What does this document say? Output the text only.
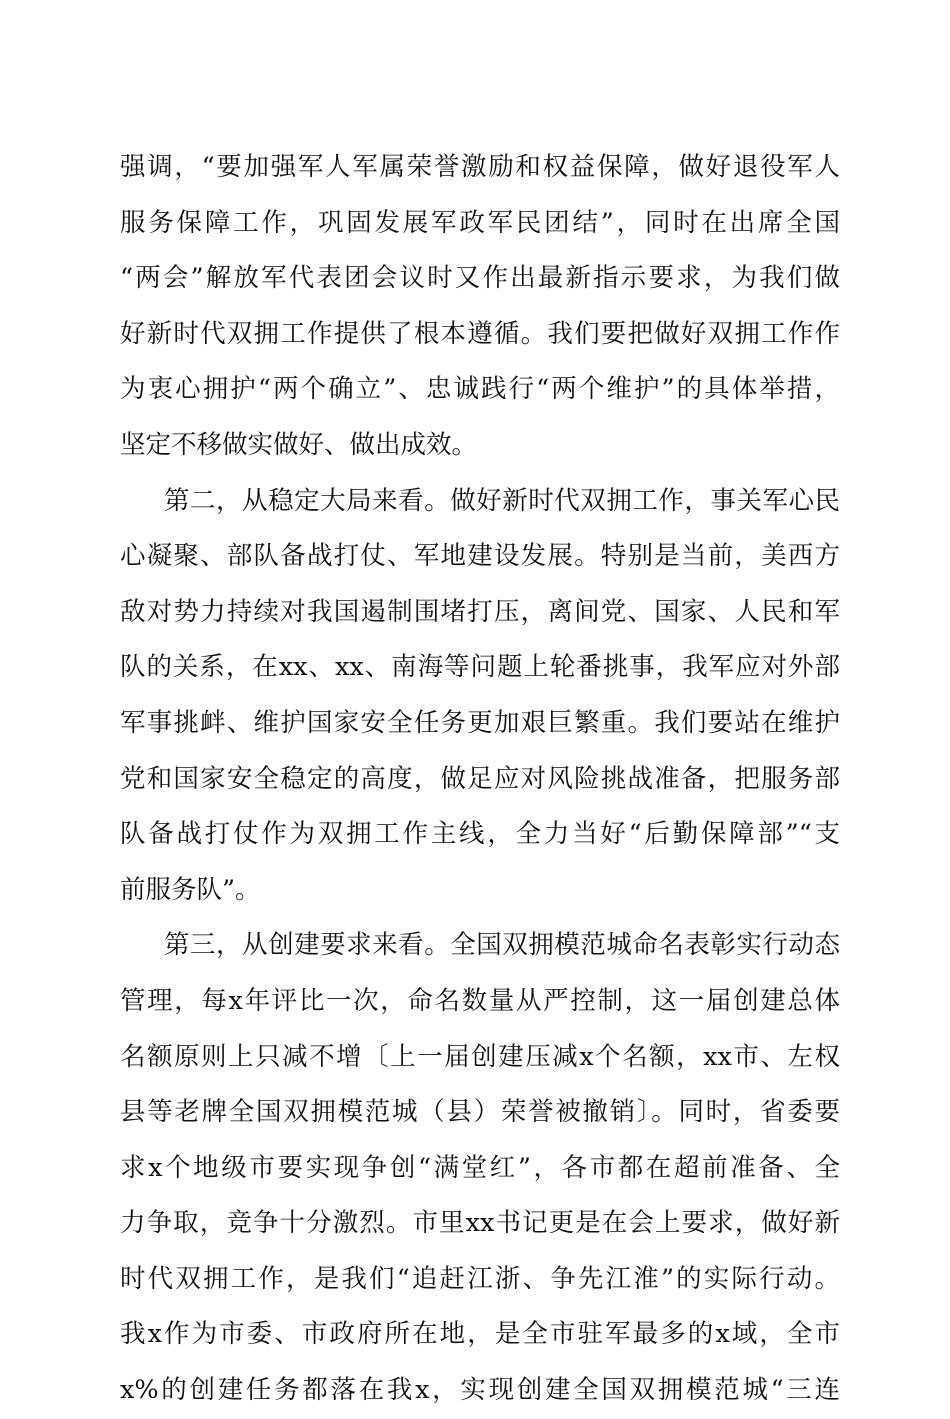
强调，“要加强军人军属荣誉激励和权益保障，做好退役军人
服务保障工作，巩固发展军政军民团结”，同时在出席全国
“两会”解放军代表团会议时又作出最新指示要求，为我们做
好新时代双拥工作提供了根本遵循。我们要把做好双拥工作作
为衷心拥护“两个确立”、忠诚践行“两个维护”的具体举措，
坚定不移做实做好、做出成效。
第二，从稳定大局来看。做好新时代双拥工作，事关军心民
心凝聚、部队备战打仗、军地建设发展。特别是当前，美西方
敌对势力持续对我国遏制围堵打压，离间党、国家、人民和军
队的关系，在xx、xx、南海等问题上轮番挑事，我军应对外部
军事挑衅、维护国家安全任务更加艰巨繁重。我们要站在维护
党和国家安全稳定的高度，做足应对风险挑战准备，把服务部
队备战打仗作为双拥工作主线，全力当好“后勤保障部”“支
前服务队”。
第三，从创建要求来看。全国双拥模范城命名表彰实行动态
管理，每x年评比一次，命名数量从严控制，这一届创建总体
名额原则上只减不增〔上一届创建压减x个名额，xx市、左权
县等老牌全国双拥模范城（县）荣誉被撤销〕。同时，省委要
求x个地级市要实现争创“满堂红”，各市都在超前准备、全
力争取，竞争十分激烈。市里xx书记更是在会上要求，做好新
时代双拥工作，是我们“追赶江浙、争先江淮”的实际行动。
我x作为市委、市政府所在地，是全市驻军最多的x域，全市
x%的创建任务都落在我x，实现创建全国双拥模范城“三连
